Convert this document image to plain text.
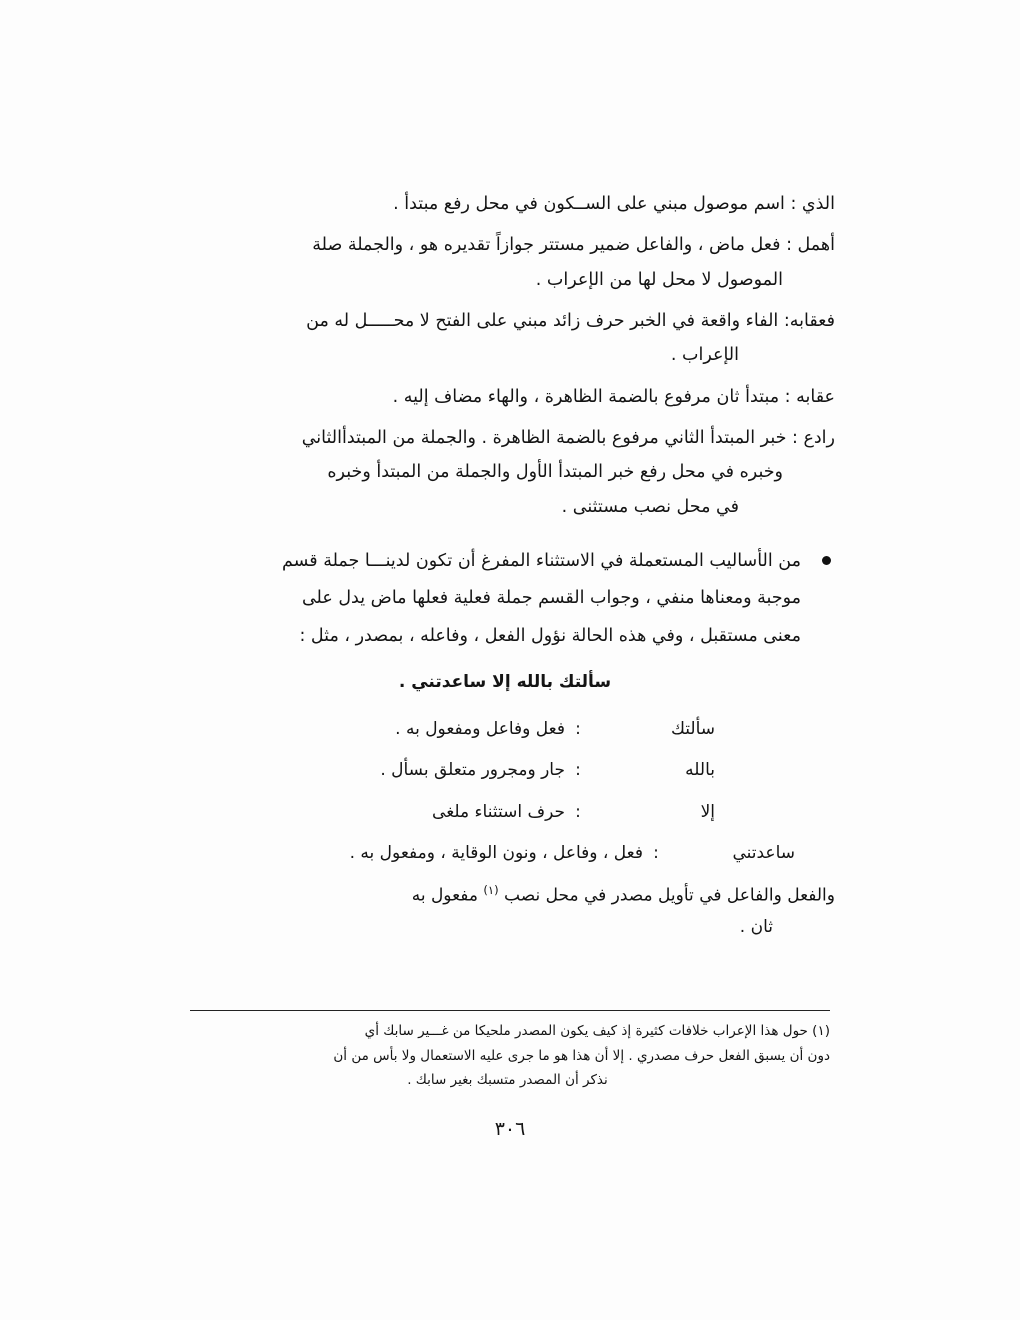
الذي : اسم موصول مبني على الســكون في محل رفع مبتدأ .
أهمل : فعل ماض ، والفاعل ضمير مستتر جوازاً تقديره هو ، والجملة صلة
الموصول لا محل لها من الإعراب .
فعقابه: الفاء واقعة في الخبر حرف زائد مبني على الفتح لا محـــــل له من
الإعراب .
عقابه : مبتدأ ثان مرفوع بالضمة الظاهرة ، والهاء مضاف إليه .
رادع : خبر المبتدأ الثاني مرفوع بالضمة الظاهرة . والجملة من المبتدأالثاني
وخبره في محل رفع خبر المبتدأ الأول والجملة من المبتدأ وخبره
في محل نصب مستثنى .
من الأساليب المستعملة في الاستثناء المفرغ أن تكون لدينـــا جملة قسم
موجبة ومعناها منفي ، وجواب القسم جملة فعلية فعلها ماض يدل على
معنى مستقبل ، وفي هذه الحالة نؤول الفعل ، وفاعله ، بمصدر ، مثل :
سألتك بالله إلا ساعدتني .
سألتك
:
فعل وفاعل ومفعول به .
بالله
:
جار ومجرور متعلق بسأل .
إلا
:
حرف استثناء ملغى
ساعدتني
:
فعل ، وفاعل ، ونون الوقاية ، ومفعول به .
والفعل والفاعل في تأويل مصدر في محل نصب $^{(١)}$ مفعول به
ثان .
(١) حول هذا الإعراب خلافات كثيرة إذ كيف يكون المصدر ملحيكا من غـــير سابك أي
دون أن يسبق الفعل حرف مصدري . إلا أن هذا هو ما جرى عليه الاستعمال ولا بأس من أن
نذكر أن المصدر متسبك بغير سابك .
٣٠٦
